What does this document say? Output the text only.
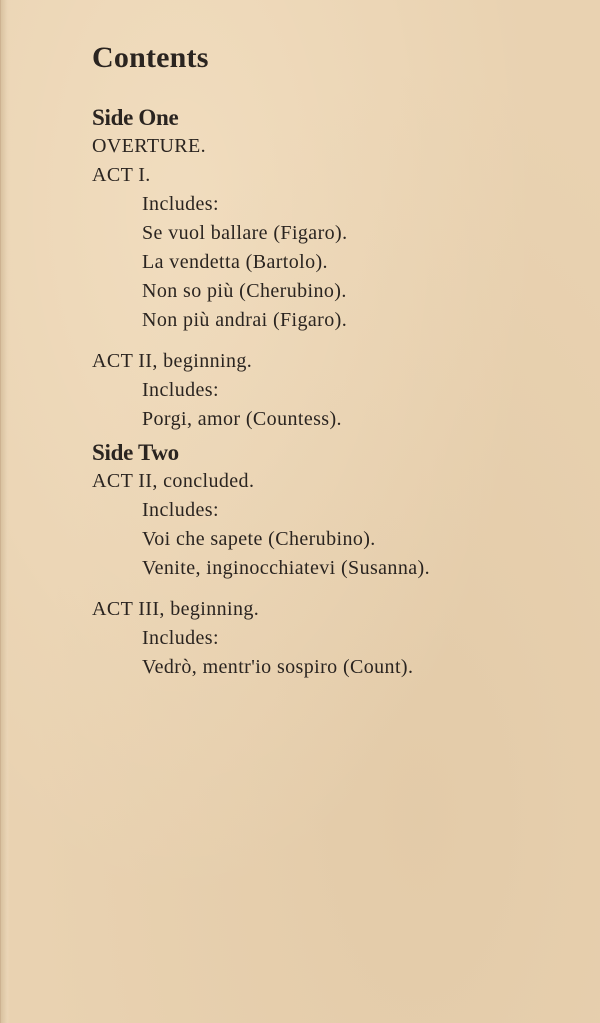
Contents
Side One
OVERTURE.
ACT I.
Includes:
Se vuol ballare (Figaro).
La vendetta (Bartolo).
Non so più (Cherubino).
Non più andrai (Figaro).
ACT II, beginning.
Includes:
Porgi, amor (Countess).
Side Two
ACT II, concluded.
Includes:
Voi che sapete (Cherubino).
Venite, inginocchiatevi (Susanna).
ACT III, beginning.
Includes:
Vedrò, mentr'io sospiro (Count).
